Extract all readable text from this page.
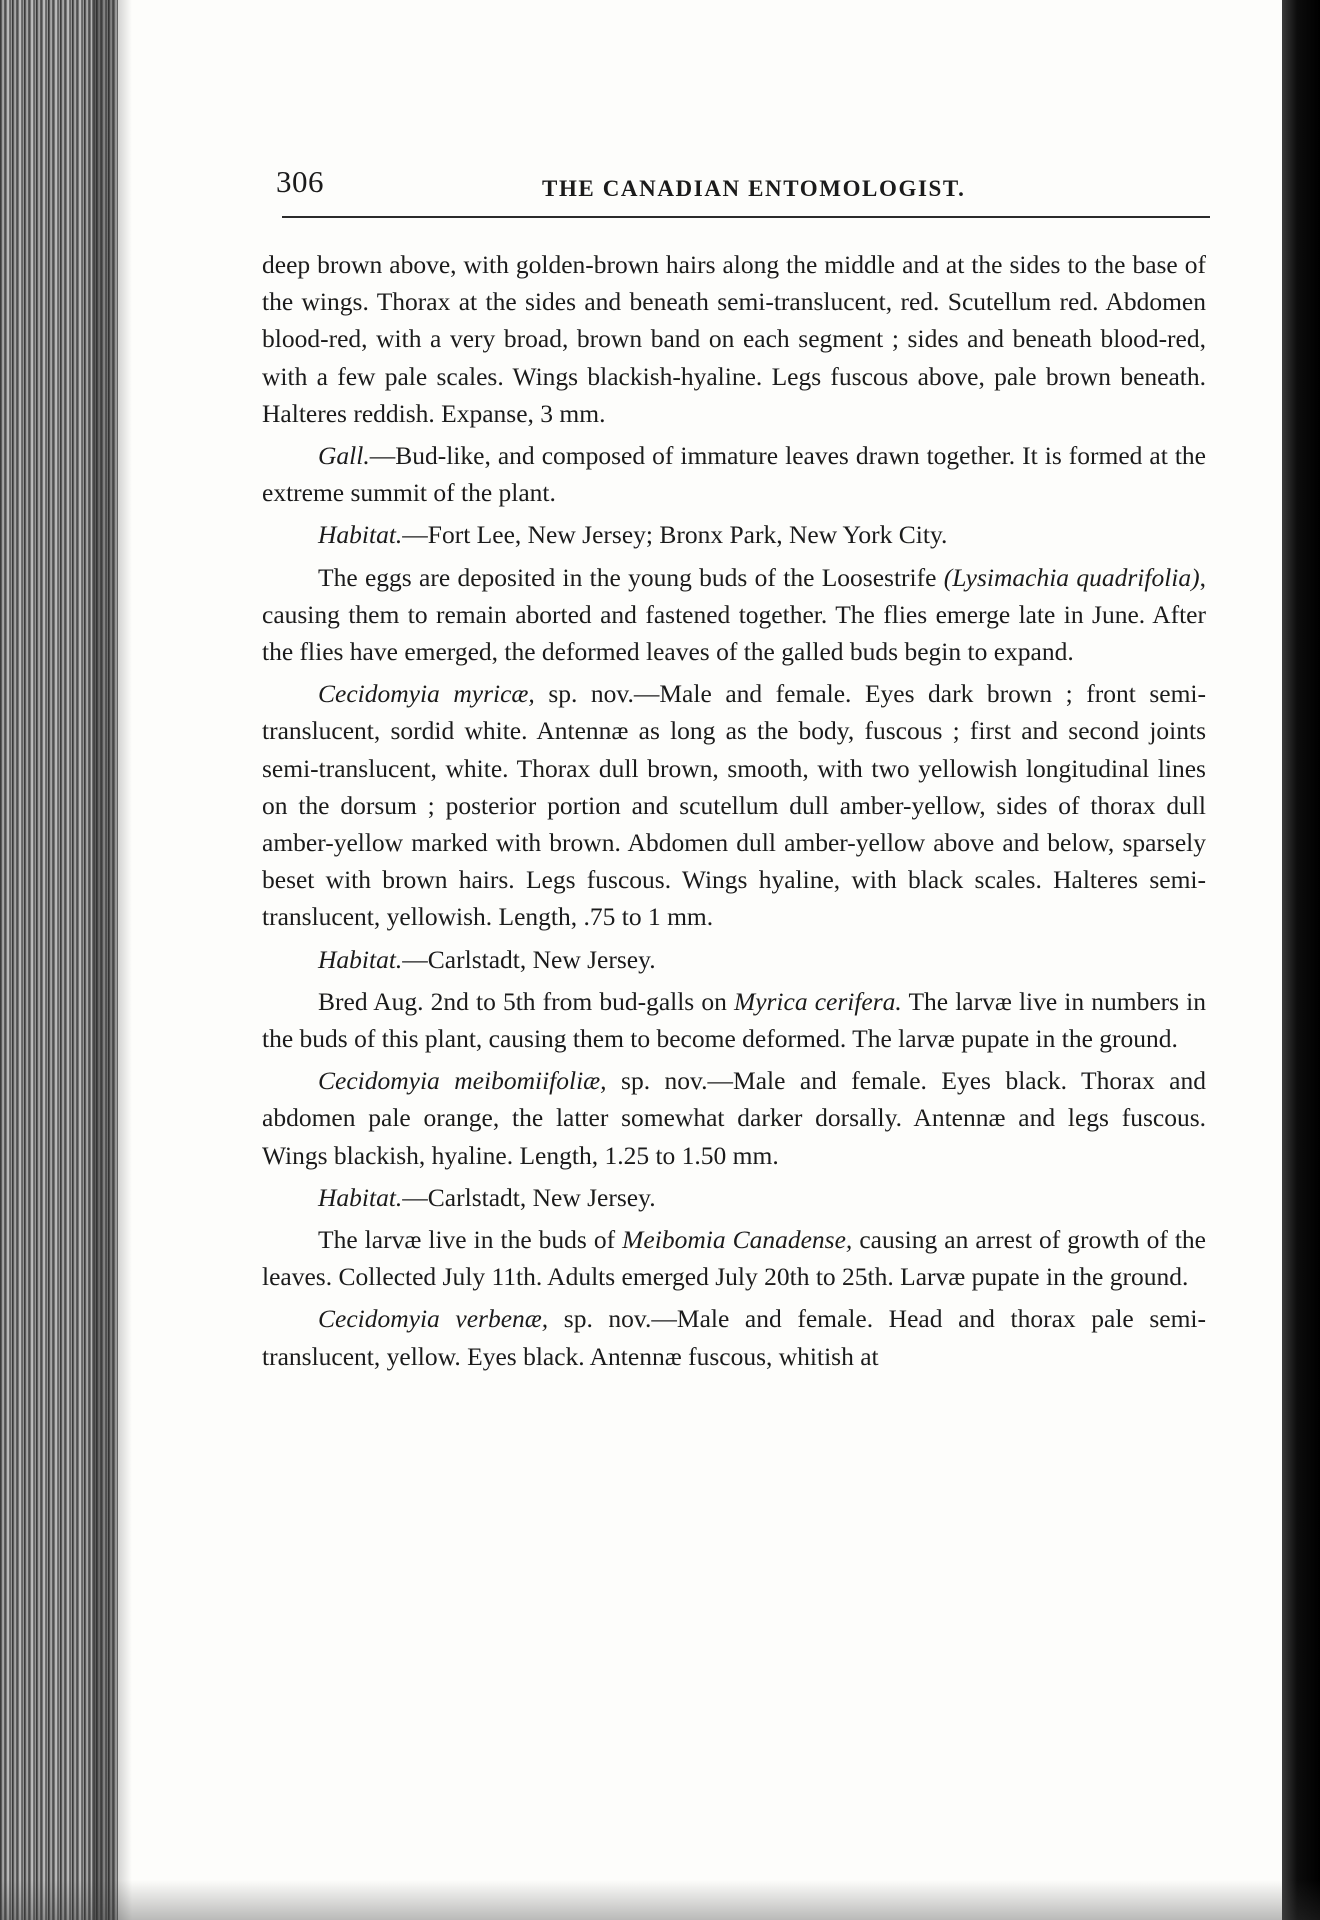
306	THE CANADIAN ENTOMOLOGIST.

deep brown above, with golden-brown hairs along the middle and at the sides to the base of the wings. Thorax at the sides and beneath semi-translucent, red. Scutellum red. Abdomen blood-red, with a very broad, brown band on each segment ; sides and beneath blood-red, with a few pale scales. Wings blackish-hyaline. Legs fuscous above, pale brown beneath. Halteres reddish. Expanse, 3 mm.

Gall.—Bud-like, and composed of immature leaves drawn together. It is formed at the extreme summit of the plant.

Habitat.—Fort Lee, New Jersey; Bronx Park, New York City.

The eggs are deposited in the young buds of the Loosestrife (Lysimachia quadrifolia), causing them to remain aborted and fastened together. The flies emerge late in June. After the flies have emerged, the deformed leaves of the galled buds begin to expand.

Cecidomyia myricæ, sp. nov.—Male and female. Eyes dark brown ; front semi-translucent, sordid white. Antennæ as long as the body, fuscous ; first and second joints semi-translucent, white. Thorax dull brown, smooth, with two yellowish longitudinal lines on the dorsum ; posterior portion and scutellum dull amber-yellow, sides of thorax dull amber-yellow marked with brown. Abdomen dull amber-yellow above and below, sparsely beset with brown hairs. Legs fuscous. Wings hyaline, with black scales. Halteres semi-translucent, yellowish. Length, .75 to 1 mm.

Habitat.—Carlstadt, New Jersey.

Bred Aug. 2nd to 5th from bud-galls on Myrica cerifera. The larvæ live in numbers in the buds of this plant, causing them to become deformed. The larvæ pupate in the ground.

Cecidomyia meibomiifoliæ, sp. nov.—Male and female. Eyes black. Thorax and abdomen pale orange, the latter somewhat darker dorsally. Antennæ and legs fuscous. Wings blackish, hyaline. Length, 1.25 to 1.50 mm.

Habitat.—Carlstadt, New Jersey.

The larvæ live in the buds of Meibomia Canadense, causing an arrest of growth of the leaves. Collected July 11th. Adults emerged July 20th to 25th. Larvæ pupate in the ground.

Cecidomyia verbenæ, sp. nov.—Male and female. Head and thorax pale semi-translucent, yellow. Eyes black. Antennæ fuscous, whitish at
